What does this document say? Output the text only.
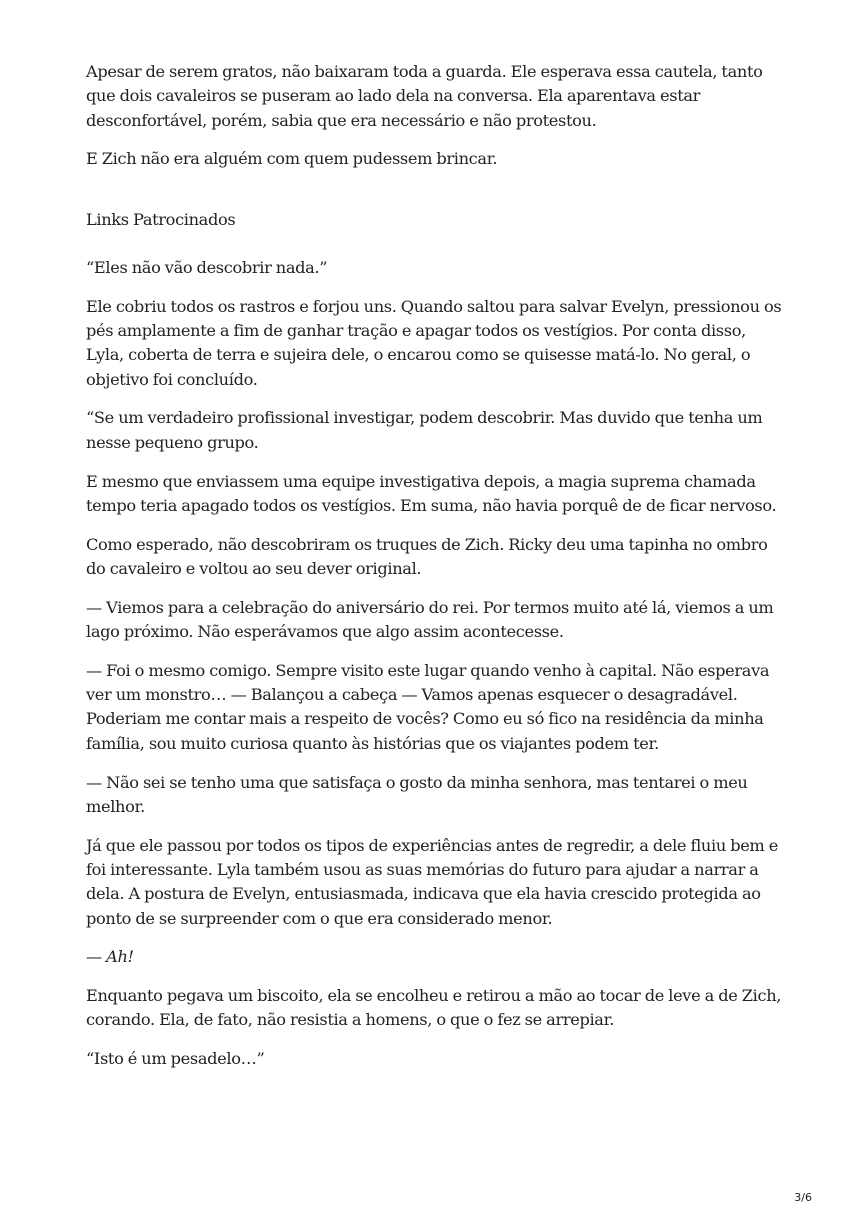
Apesar de serem gratos, não baixaram toda a guarda. Ele esperava essa cautela, tanto que dois cavaleiros se puseram ao lado dela na conversa. Ela aparentava estar desconfortável, porém, sabia que era necessário e não protestou.

E Zich não era alguém com quem pudessem brincar.

Links Patrocinados

“Eles não vão descobrir nada.”

Ele cobriu todos os rastros e forjou uns. Quando saltou para salvar Evelyn, pressionou os pés amplamente a fim de ganhar tração e apagar todos os vestígios. Por conta disso, Lyla, coberta de terra e sujeira dele, o encarou como se quisesse matá-lo. No geral, o objetivo foi concluído.

“Se um verdadeiro profissional investigar, podem descobrir. Mas duvido que tenha um nesse pequeno grupo.

E mesmo que enviassem uma equipe investigativa depois, a magia suprema chamada tempo teria apagado todos os vestígios. Em suma, não havia porquê de de ficar nervoso.

Como esperado, não descobriram os truques de Zich. Ricky deu uma tapinha no ombro do cavaleiro e voltou ao seu dever original.

— Viemos para a celebração do aniversário do rei. Por termos muito até lá, viemos a um lago próximo. Não esperávamos que algo assim acontecesse.

— Foi o mesmo comigo. Sempre visito este lugar quando venho à capital. Não esperava ver um monstro… — Balançou a cabeça — Vamos apenas esquecer o desagradável. Poderiam me contar mais a respeito de vocês? Como eu só fico na residência da minha família, sou muito curiosa quanto às histórias que os viajantes podem ter.

— Não sei se tenho uma que satisfaça o gosto da minha senhora, mas tentarei o meu melhor.

Já que ele passou por todos os tipos de experiências antes de regredir, a dele fluiu bem e foi interessante. Lyla também usou as suas memórias do futuro para ajudar a narrar a dela. A postura de Evelyn, entusiasmada, indicava que ela havia crescido protegida ao ponto de se surpreender com o que era considerado menor.

— Ah!

Enquanto pegava um biscoito, ela se encolheu e retirou a mão ao tocar de leve a de Zich, corando. Ela, de fato, não resistia a homens, o que o fez se arrepiar.

“Isto é um pesadelo…”

3/6
